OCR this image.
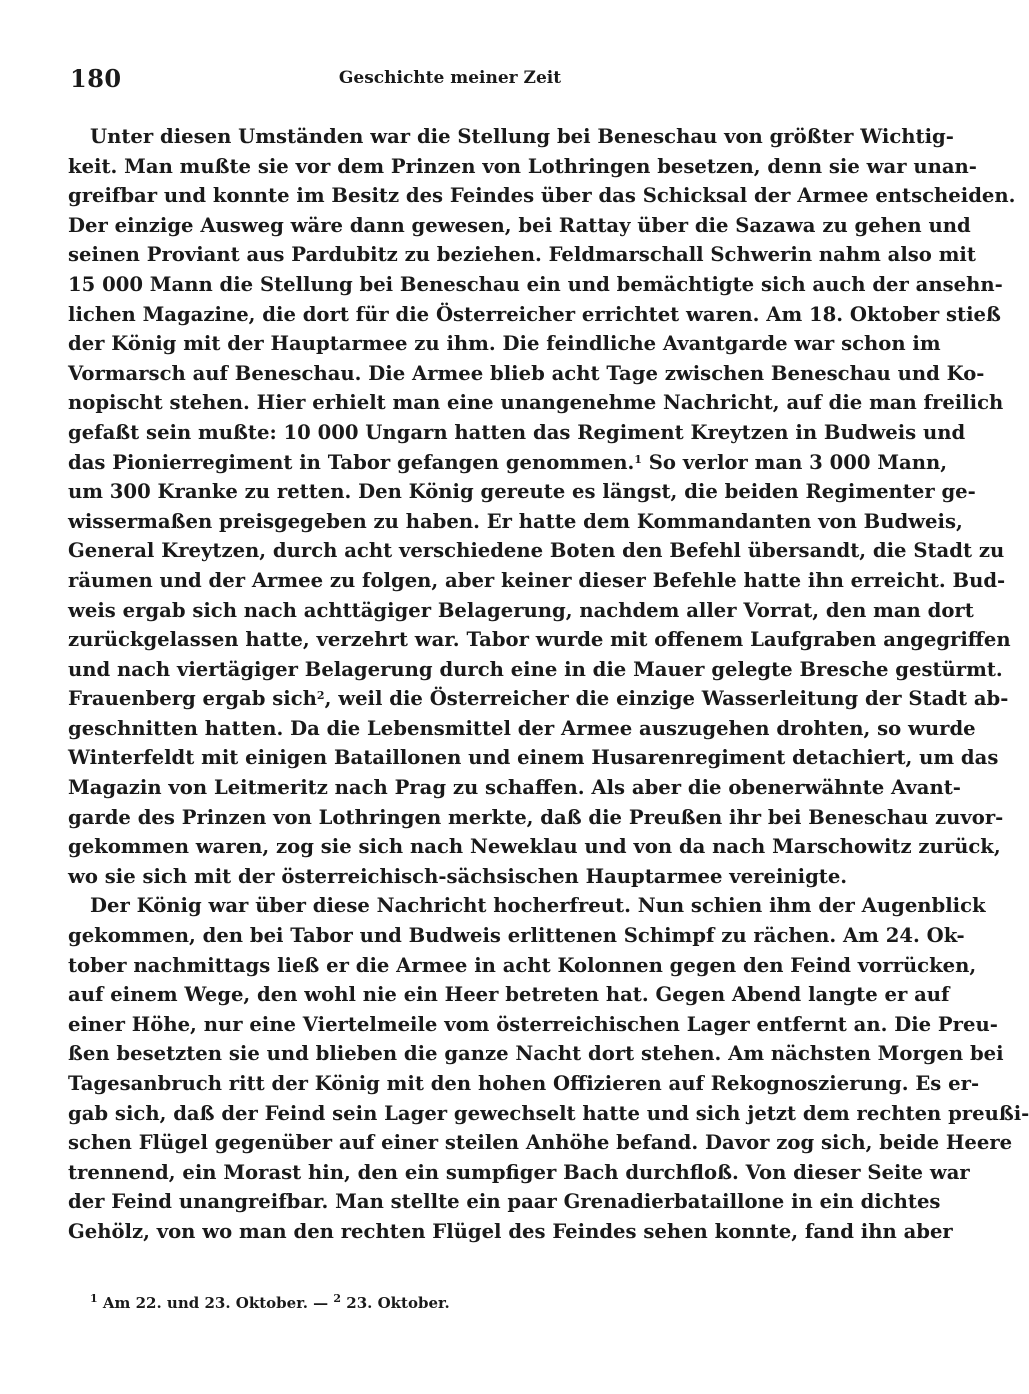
180	Geschichte meiner Zeit
Unter diesen Umständen war die Stellung bei Beneschau von größter Wichtig-
keit. Man mußte sie vor dem Prinzen von Lothringen besetzen, denn sie war unan-
greifbar und konnte im Besitz des Feindes über das Schicksal der Armee entscheiden.
Der einzige Ausweg wäre dann gewesen, bei Rattay über die Sazawa zu gehen und
seinen Proviant aus Pardubitz zu beziehen. Feldmarschall Schwerin nahm also mit
15 000 Mann die Stellung bei Beneschau ein und bemächtigte sich auch der ansehn-
lichen Magazine, die dort für die Österreicher errichtet waren. Am 18. Oktober stieß
der König mit der Hauptarmee zu ihm. Die feindliche Avantgarde war schon im
Vormarsch auf Beneschau. Die Armee blieb acht Tage zwischen Beneschau und Ko-
nopischt stehen. Hier erhielt man eine unangenehme Nachricht, auf die man freilich
gefaßt sein mußte: 10 000 Ungarn hatten das Regiment Kreytzen in Budweis und
das Pionierregiment in Tabor gefangen genommen.$^1$ So verlor man 3 000 Mann,
um 300 Kranke zu retten. Den König gereute es längst, die beiden Regimenter ge-
wissermaßen preisgegeben zu haben. Er hatte dem Kommandanten von Budweis,
General Kreytzen, durch acht verschiedene Boten den Befehl übersandt, die Stadt zu
räumen und der Armee zu folgen, aber keiner dieser Befehle hatte ihn erreicht. Bud-
weis ergab sich nach achttägiger Belagerung, nachdem aller Vorrat, den man dort
zurückgelassen hatte, verzehrt war. Tabor wurde mit offenem Laufgraben angegriffen
und nach viertägiger Belagerung durch eine in die Mauer gelegte Bresche gestürmt.
Frauenberg ergab sich$^2$, weil die Österreicher die einzige Wasserleitung der Stadt ab-
geschnitten hatten. Da die Lebensmittel der Armee auszugehen drohten, so wurde
Winterfeldt mit einigen Bataillonen und einem Husarenregiment detachiert, um das
Magazin von Leitmeritz nach Prag zu schaffen. Als aber die obenerwähnte Avant-
garde des Prinzen von Lothringen merkte, daß die Preußen ihr bei Beneschau zuvor-
gekommen waren, zog sie sich nach Neweklau und von da nach Marschowitz zurück,
wo sie sich mit der österreichisch-sächsischen Hauptarmee vereinigte.
Der König war über diese Nachricht hocherfreut. Nun schien ihm der Augenblick
gekommen, den bei Tabor und Budweis erlittenen Schimpf zu rächen. Am 24. Ok-
tober nachmittags ließ er die Armee in acht Kolonnen gegen den Feind vorrücken,
auf einem Wege, den wohl nie ein Heer betreten hat. Gegen Abend langte er auf
einer Höhe, nur eine Viertelmeile vom österreichischen Lager entfernt an. Die Preu-
ßen besetzten sie und blieben die ganze Nacht dort stehen. Am nächsten Morgen bei
Tagesanbruch ritt der König mit den hohen Offizieren auf Rekognoszierung. Es er-
gab sich, daß der Feind sein Lager gewechselt hatte und sich jetzt dem rechten preußi-
schen Flügel gegenüber auf einer steilen Anhöhe befand. Davor zog sich, beide Heere
trennend, ein Morast hin, den ein sumpfiger Bach durchfloß. Von dieser Seite war
der Feind unangreifbar. Man stellte ein paar Grenadierbataillone in ein dichtes
Gehölz, von wo man den rechten Flügel des Feindes sehen konnte, fand ihn aber
$^1$ Am 22. und 23. Oktober. — $^2$ 23. Oktober.
